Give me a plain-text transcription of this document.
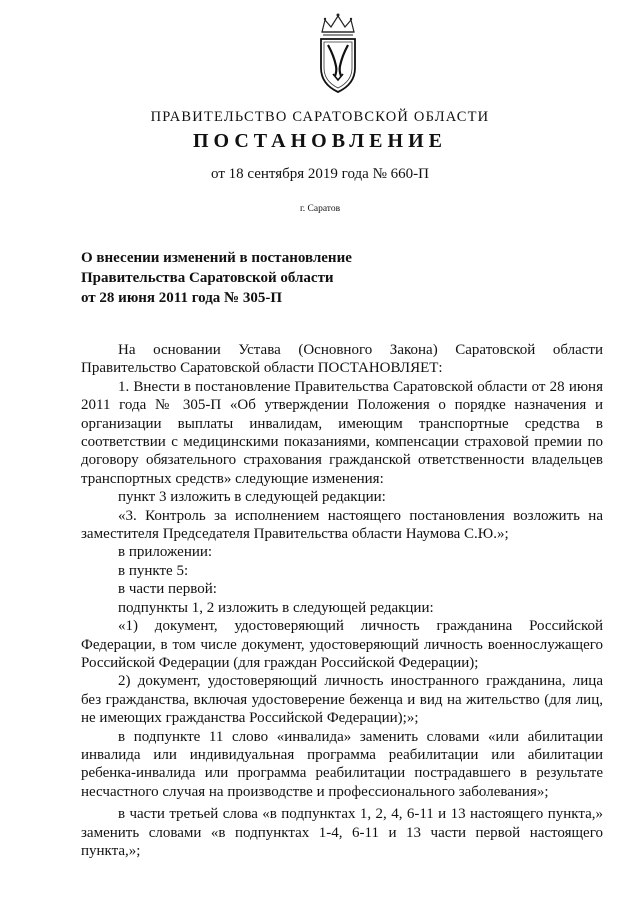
ПРАВИТЕЛЬСТВО САРАТОВСКОЙ ОБЛАСТИ
ПОСТАНОВЛЕНИЕ
от 18 сентября 2019 года № 660-П
г. Саратов
О внесении изменений в постановление
Правительства Саратовской области
от 28 июня 2011 года № 305-П

На основании Устава (Основного Закона) Саратовской области Правительство Саратовской области ПОСТАНОВЛЯЕТ:

1. Внести в постановление Правительства Саратовской области от 28 июня 2011 года № 305-П «Об утверждении Положения о порядке назначения и организации выплаты инвалидам, имеющим транспортные средства в соответствии с медицинскими показаниями, компенсации страховой премии по договору обязательного страхования гражданской ответственности владельцев транспортных средств» следующие изменения:

пункт 3 изложить в следующей редакции:

«3. Контроль за исполнением настоящего постановления возложить на заместителя Председателя Правительства области Наумова С.Ю.»;

в приложении:

в пункте 5:

в части первой:

подпункты 1, 2 изложить в следующей редакции:

«1) документ, удостоверяющий личность гражданина Российской Федерации, в том числе документ, удостоверяющий личность военнослужащего Российской Федерации (для граждан Российской Федерации);

2) документ, удостоверяющий личность иностранного гражданина, лица без гражданства, включая удостоверение беженца и вид на жительство (для лиц, не имеющих гражданства Российской Федерации);»;

в подпункте 11 слово «инвалида» заменить словами «или абилитации инвалида или индивидуальная программа реабилитации или абилитации ребенка-инвалида или программа реабилитации пострадавшего в результате несчастного случая на производстве и профессионального заболевания»;

в части третьей слова «в подпунктах 1, 2, 4, 6-11 и 13 настоящего пункта,» заменить словами «в подпунктах 1-4, 6-11 и 13 части первой настоящего пункта,»;
